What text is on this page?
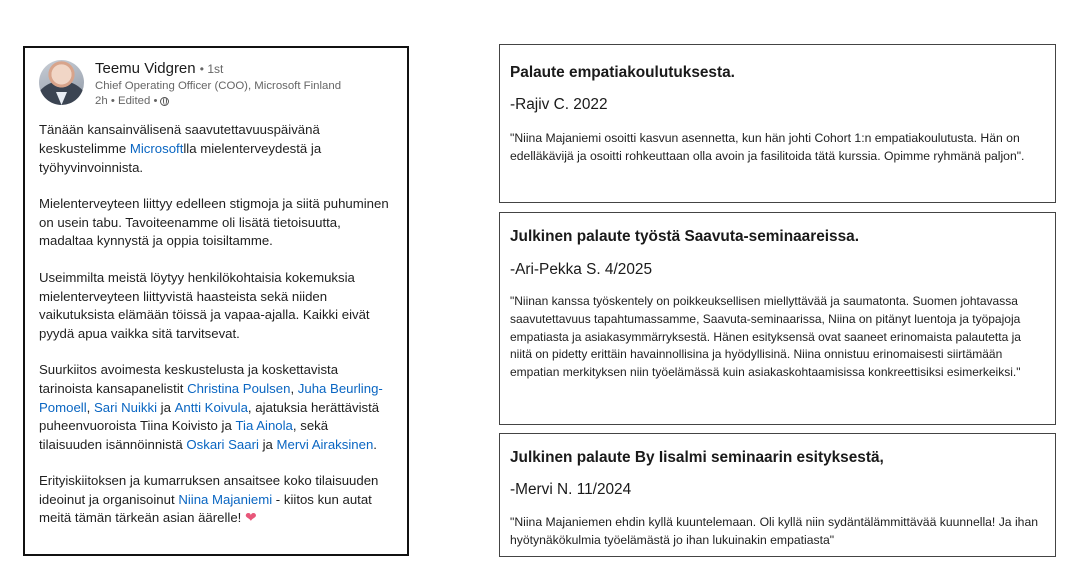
Teemu Vidgren • 1st
Chief Operating Officer (COO), Microsoft Finland
2h • Edited •

Tänään kansainvälisenä saavutettavuuspäivänä keskustelimme Microsoftlla mielenterveydestä ja työhyvinvoinnista.

Mielenterveyteen liittyy edelleen stigmoja ja siitä puhuminen on usein tabu. Tavoiteenamme oli lisätä tietoisuutta, madaltaa kynnystä ja oppia toisiltamme.

Useimmilta meistä löytyy henkilökohtaisia kokemuksia mielenterveyteen liittyvistä haasteista sekä niiden vaikutuksista elämään töissä ja vapaa-ajalla. Kaikki eivät pyydä apua vaikka sitä tarvitsevat.

Suurkiitos avoimesta keskustelusta ja koskettavista tarinoista kansapanelistit Christina Poulsen, Juha Beurling-Pomoell, Sari Nuikki ja Antti Koivula, ajatuksia herättävistä puheenvuoroista Tiina Koivisto ja Tia Ainola, sekä tilaisuuden isännöinnistä Oskari Saari ja Mervi Airaksinen.

Erityiskiitoksen ja kumarruksen ansaitsee koko tilaisuuden ideoinut ja organisoinut Niina Majaniemi - kiitos kun autat meitä tämän tärkeän asian äärelle! ❤

Palaute empatiakoulutuksesta.
-Rajiv C. 2022
"Niina Majaniemi osoitti kasvun asennetta, kun hän johti Cohort 1:n empatiakoulutusta. Hän on edelläkävijä ja osoitti rohkeuttaan olla avoin ja fasilitoida tätä kurssia. Opimme ryhmänä paljon".
Julkinen palaute työstä Saavuta-seminaareissa.
-Ari-Pekka S. 4/2025
"Niinan kanssa työskentely on poikkeuksellisen miellyttävää ja saumatonta. Suomen johtavassa saavutettavuus tapahtumassamme, Saavuta-seminaarissa, Niina on pitänyt luentoja ja työpajoja empatiasta ja asiakasymmärryksestä. Hänen esityksensä ovat saaneet erinomaista palautetta ja niitä on pidetty erittäin havainnollisina ja hyödyllisinä. Niina onnistuu erinomaisesti siirtämään empatian merkityksen niin työelämässä kuin asiakaskohtaamisissa konkreettisiksi esimerkeiksi."
Julkinen palaute By Iisalmi seminaarin esityksestä,
-Mervi N. 11/2024
"Niina Majaniemen ehdin kyllä kuuntelemaan. Oli kyllä niin sydäntälämmittävää kuunnella! Ja ihan hyötynäkökulmia työelämästä jo ihan lukuinakin empatiasta"
